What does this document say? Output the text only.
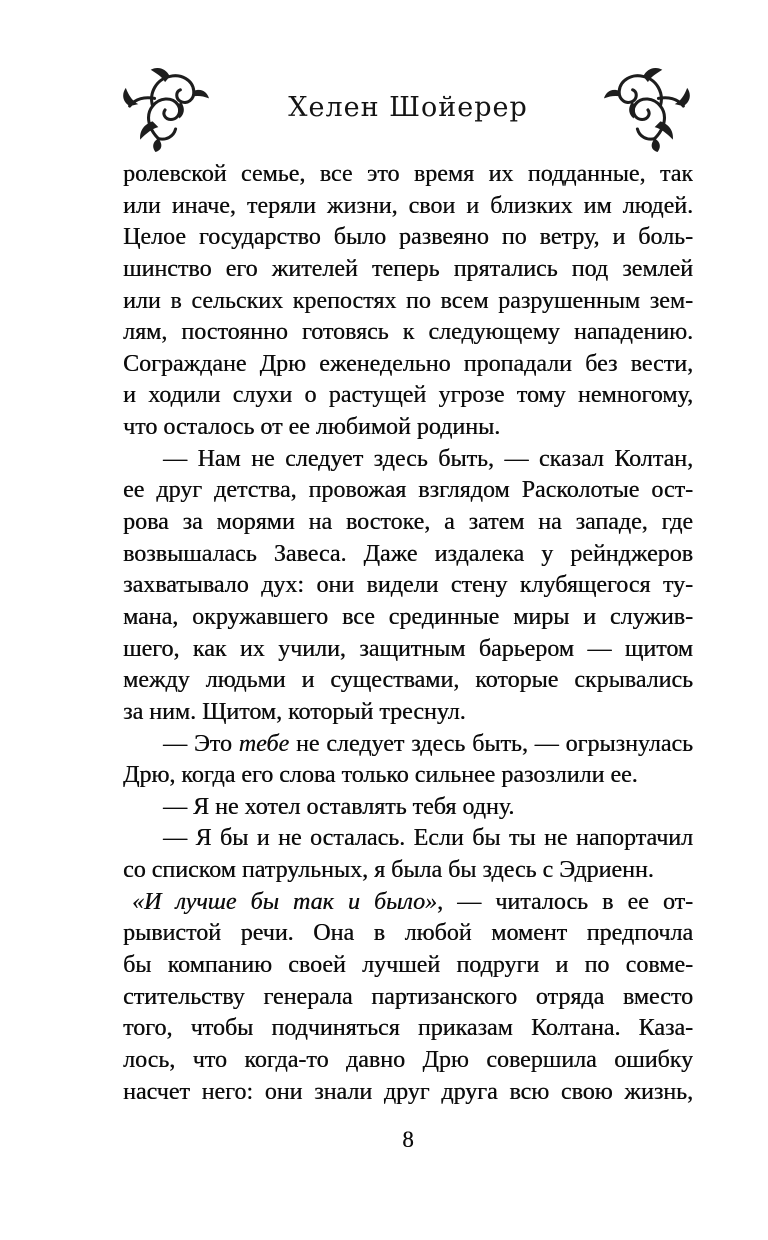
Хелен Шойерер
ролевской семье, все это время их подданные, так
или иначе, теряли жизни, свои и близких им людей.
Целое государство было развеяно по ветру, и боль-
шинство его жителей теперь прятались под землей
или в сельских крепостях по всем разрушенным зем-
лям, постоянно готовясь к следующему нападению.
Сограждане Дрю еженедельно пропадали без вести,
и ходили слухи о растущей угрозе тому немногому,
что осталось от ее любимой родины.
— Нам не следует здесь быть, — сказал Колтан,
ее друг детства, провожая взглядом Расколотые ост-
рова за морями на востоке, а затем на западе, где
возвышалась Завеса. Даже издалека у рейнджеров
захватывало дух: они видели стену клубящегося ту-
мана, окружавшего все срединные миры и служив-
шего, как их учили, защитным барьером — щитом
между людьми и существами, которые скрывались
за ним. Щитом, который треснул.
— Это тебе не следует здесь быть, — огрызнулась
Дрю, когда его слова только сильнее разозлили ее.
— Я не хотел оставлять тебя одну.
— Я бы и не осталась. Если бы ты не напортачил
со списком патрульных, я была бы здесь с Эдриенн.
«И лучше бы так и было», — читалось в ее от-
рывистой речи. Она в любой момент предпочла
бы компанию своей лучшей подруги и по совме-
стительству генерала партизанского отряда вместо
того, чтобы подчиняться приказам Колтана. Каза-
лось, что когда-то давно Дрю совершила ошибку
насчет него: они знали друг друга всю свою жизнь,
8
